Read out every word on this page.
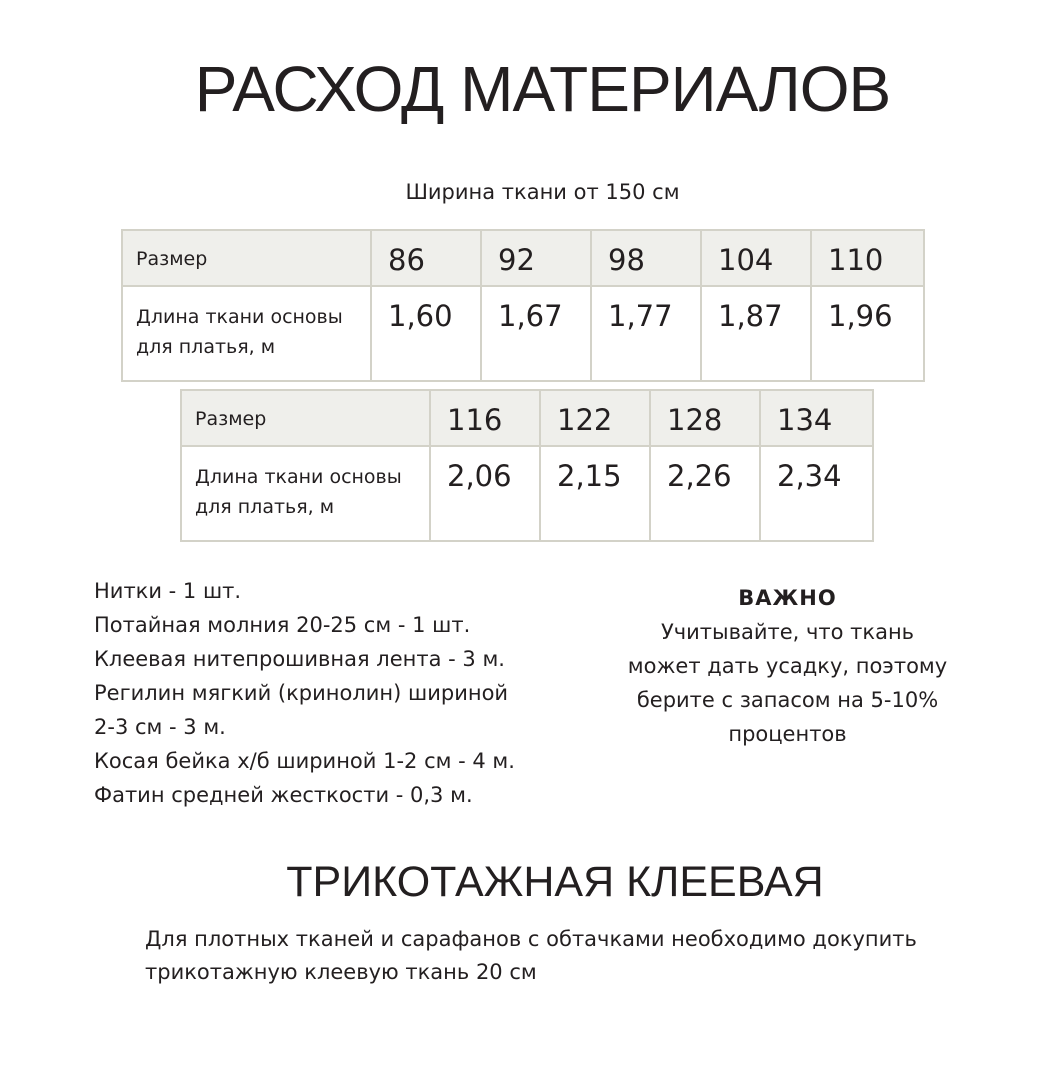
РАСХОД МАТЕРИАЛОВ
Ширина ткани от 150 см
Размер	86	92	98	104	110
Длина ткани основы
для платья, м	1,60	1,67	1,77	1,87	1,96
Размер	116	122	128	134
Длина ткани основы
для платья, м	2,06	2,15	2,26	2,34
Нитки - 1 шт.
Потайная молния 20-25 см - 1 шт.
Клеевая нитепрошивная лента - 3 м.
Регилин мягкий (кринолин) шириной
2-3 см - 3 м.
Косая бейка х/б шириной 1-2 см - 4 м.
Фатин средней жесткости - 0,3 м.
ВАЖНО
Учитывайте, что ткань
может дать усадку, поэтому
берите с запасом на 5-10%
процентов
ТРИКОТАЖНАЯ КЛЕЕВАЯ

Для плотных тканей и сарафанов с обтачками необходимо докупить
трикотажную клеевую ткань 20 см
